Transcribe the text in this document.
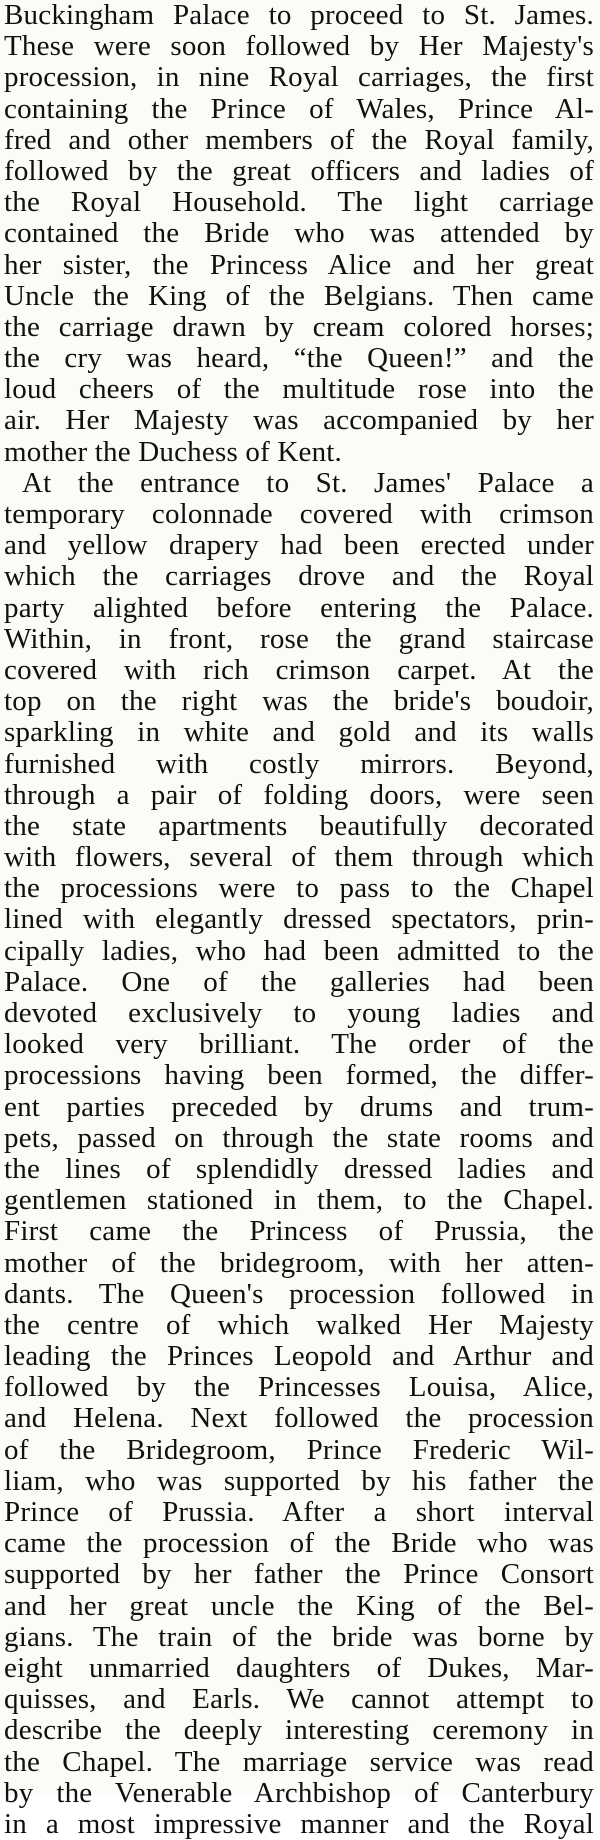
Buckingham Palace to proceed to St. James.
These were soon followed by Her Majesty's
procession, in nine Royal carriages, the first
containing the Prince of Wales, Prince Al-
fred and other members of the Royal family,
followed by the great officers and ladies of
the Royal Household. The light carriage
contained the Bride who was attended by
her sister, the Princess Alice and her great
Uncle the King of the Belgians. Then came
the carriage drawn by cream colored horses;
the cry was heard, “the Queen!” and the
loud cheers of the multitude rose into the
air. Her Majesty was accompanied by her
mother the Duchess of Kent.
At the entrance to St. James' Palace a
temporary colonnade covered with crimson
and yellow drapery had been erected under
which the carriages drove and the Royal
party alighted before entering the Palace.
Within, in front, rose the grand staircase
covered with rich crimson carpet. At the
top on the right was the bride's boudoir,
sparkling in white and gold and its walls
furnished with costly mirrors. Beyond,
through a pair of folding doors, were seen
the state apartments beautifully decorated
with flowers, several of them through which
the processions were to pass to the Chapel
lined with elegantly dressed spectators, prin-
cipally ladies, who had been admitted to the
Palace. One of the galleries had been
devoted exclusively to young ladies and
looked very brilliant. The order of the
processions having been formed, the differ-
ent parties preceded by drums and trum-
pets, passed on through the state rooms and
the lines of splendidly dressed ladies and
gentlemen stationed in them, to the Chapel.
First came the Princess of Prussia, the
mother of the bridegroom, with her atten-
dants. The Queen's procession followed in
the centre of which walked Her Majesty
leading the Princes Leopold and Arthur and
followed by the Princesses Louisa, Alice,
and Helena. Next followed the procession
of the Bridegroom, Prince Frederic Wil-
liam, who was supported by his father the
Prince of Prussia. After a short interval
came the procession of the Bride who was
supported by her father the Prince Consort
and her great uncle the King of the Bel-
gians. The train of the bride was borne by
eight unmarried daughters of Dukes, Mar-
quisses, and Earls. We cannot attempt to
describe the deeply interesting ceremony in
the Chapel. The marriage service was read
by the Venerable Archbishop of Canterbury
in a most impressive manner and the Royal
